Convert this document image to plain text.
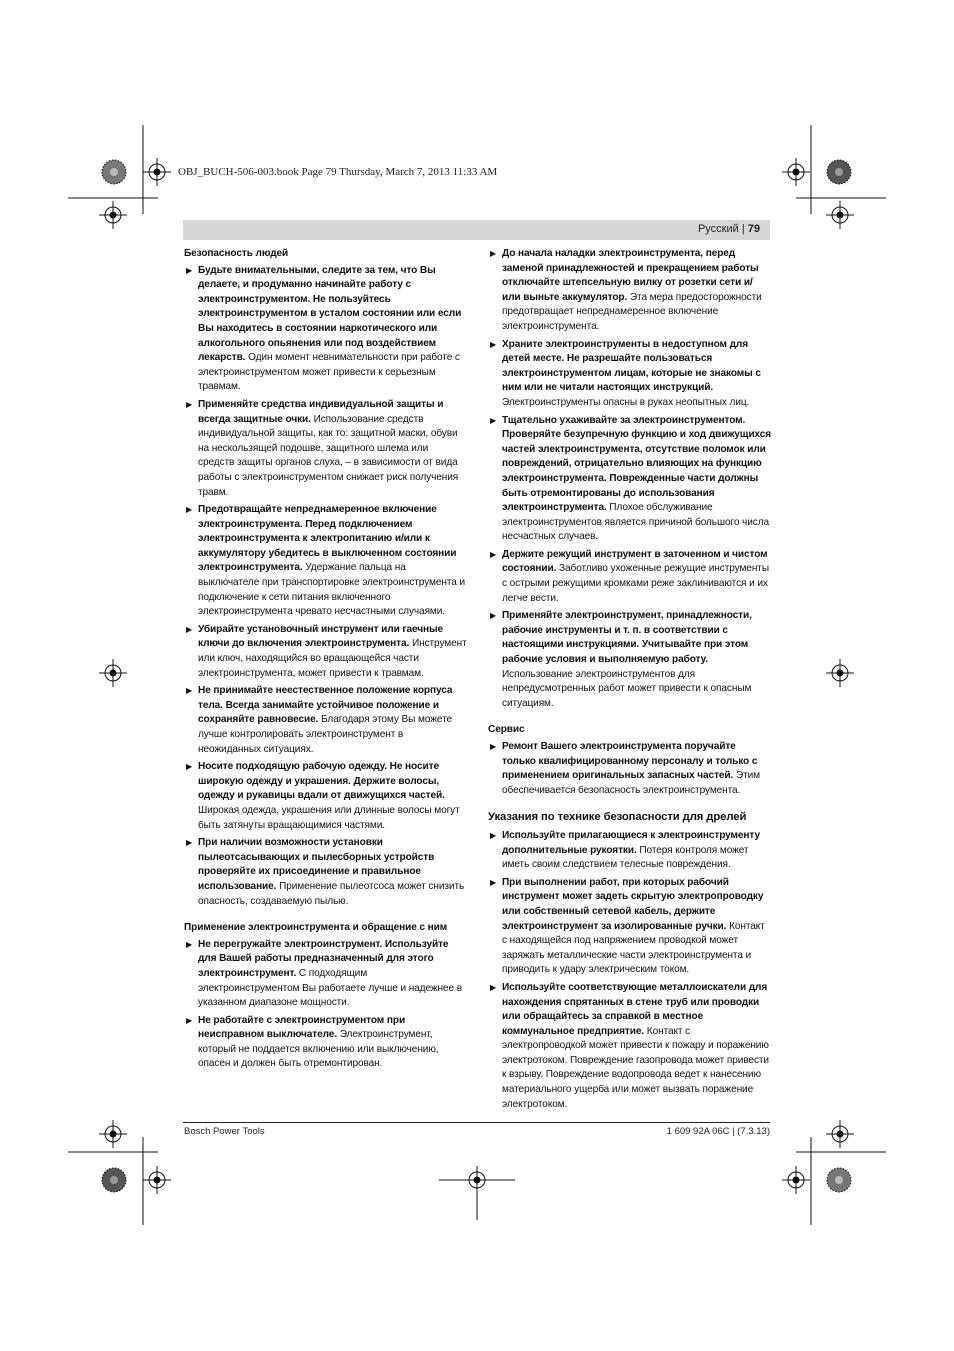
OBJ_BUCH-506-003.book Page 79 Thursday, March 7, 2013 11:33 AM
Русский | 79
Безопасность людей
▶ Будьте внимательными, следите за тем, что Вы делаете, и продуманно начинайте работу с электроинструментом. Не пользуйтесь электроинструментом в усталом состоянии или если Вы находитесь в состоянии наркотического или алкогольного опьянения или под воздействием лекарств. Один момент невнимательности при работе с электроинструментом может привести к серьезным травмам.
▶ Применяйте средства индивидуальной защиты и всегда защитные очки. Использование средств индивидуальной защиты, как то: защитной маски, обуви на нескользящей подошве, защитного шлема или средств защиты органов слуха, – в зависимости от вида работы с электроинструментом снижает риск получения травм.
▶ Предотвращайте непреднамеренное включение электроинструмента. Перед подключением электроинструмента к электропитанию и/или к аккумулятору убедитесь в выключенном состоянии электроинструмента. Удержание пальца на выключателе при транспортировке электроинструмента и подключение к сети питания включенного электроинструмента чревато несчастными случаями.
▶ Убирайте установочный инструмент или гаечные ключи до включения электроинструмента. Инструмент или ключ, находящийся во вращающейся части электроинструмента, может привести к травмам.
▶ Не принимайте неестественное положение корпуса тела. Всегда занимайте устойчивое положение и сохраняйте равновесие. Благодаря этому Вы можете лучше контролировать электроинструмент в неожиданных ситуациях.
▶ Носите подходящую рабочую одежду. Не носите широкую одежду и украшения. Держите волосы, одежду и рукавицы вдали от движущихся частей. Широкая одежда, украшения или длинные волосы могут быть затянуты вращающимися частями.
▶ При наличии возможности установки пылеотсасывающих и пылесборных устройств проверяйте их присоединение и правильное использование. Применение пылеотсоса может снизить опасность, создаваемую пылью.
Применение электроинструмента и обращение с ним
▶ Не перегружайте электроинструмент. Используйте для Вашей работы предназначенный для этого электроинструмент. С подходящим электроинструментом Вы работаете лучше и надежнее в указанном диапазоне мощности.
▶ Не работайте с электроинструментом при неисправном выключателе. Электроинструмент, который не поддается включению или выключению, опасен и должен быть отремонтирован.
▶ До начала наладки электроинструмента, перед заменой принадлежностей и прекращением работы отключайте штепсельную вилку от розетки сети и/или выньте аккумулятор. Эта мера предосторожности предотвращает непреднамеренное включение электроинструмента.
▶ Храните электроинструменты в недоступном для детей месте. Не разрешайте пользоваться электроинструментом лицам, которые не знакомы с ним или не читали настоящих инструкций. Электроинструменты опасны в руках неопытных лиц.
▶ Тщательно ухаживайте за электроинструментом. Проверяйте безупречную функцию и ход движущихся частей электроинструмента, отсутствие поломок или повреждений, отрицательно влияющих на функцию электроинструмента. Поврежденные части должны быть отремонтированы до использования электроинструмента. Плохое обслуживание электроинструментов является причиной большого числа несчастных случаев.
▶ Держите режущий инструмент в заточенном и чистом состоянии. Заботливо ухоженные режущие инструменты с острыми режущими кромками реже заклиниваются и их легче вести.
▶ Применяйте электроинструмент, принадлежности, рабочие инструменты и т. п. в соответствии с настоящими инструкциями. Учитывайте при этом рабочие условия и выполняемую работу. Использование электроинструментов для непредусмотренных работ может привести к опасным ситуациям.
Сервис
▶ Ремонт Вашего электроинструмента поручайте только квалифицированному персоналу и только с применением оригинальных запасных частей. Этим обеспечивается безопасность электроинструмента.
Указания по технике безопасности для дрелей
▶ Используйте прилагающиеся к электроинструменту дополнительные рукоятки. Потеря контроля может иметь своим следствием телесные повреждения.
▶ При выполнении работ, при которых рабочий инструмент может задеть скрытую электропроводку или собственный сетевой кабель, держите электроинструмент за изолированные ручки. Контакт с находящейся под напряжением проводкой может заряжать металлические части электроинструмента и приводить к удару электрическим током.
▶ Используйте соответствующие металлоискатели для нахождения спрятанных в стене труб или проводки или обращайтесь за справкой в местное коммунальное предприятие. Контакт с электропроводкой может привести к пожару и поражению электротоком. Повреждение газопровода может привести к взрыву. Повреждение водопровода ведет к нанесению материального ущерба или может вызвать поражение электротоком.
Bosch Power Tools	1 609 92A 06C | (7.3.13)
